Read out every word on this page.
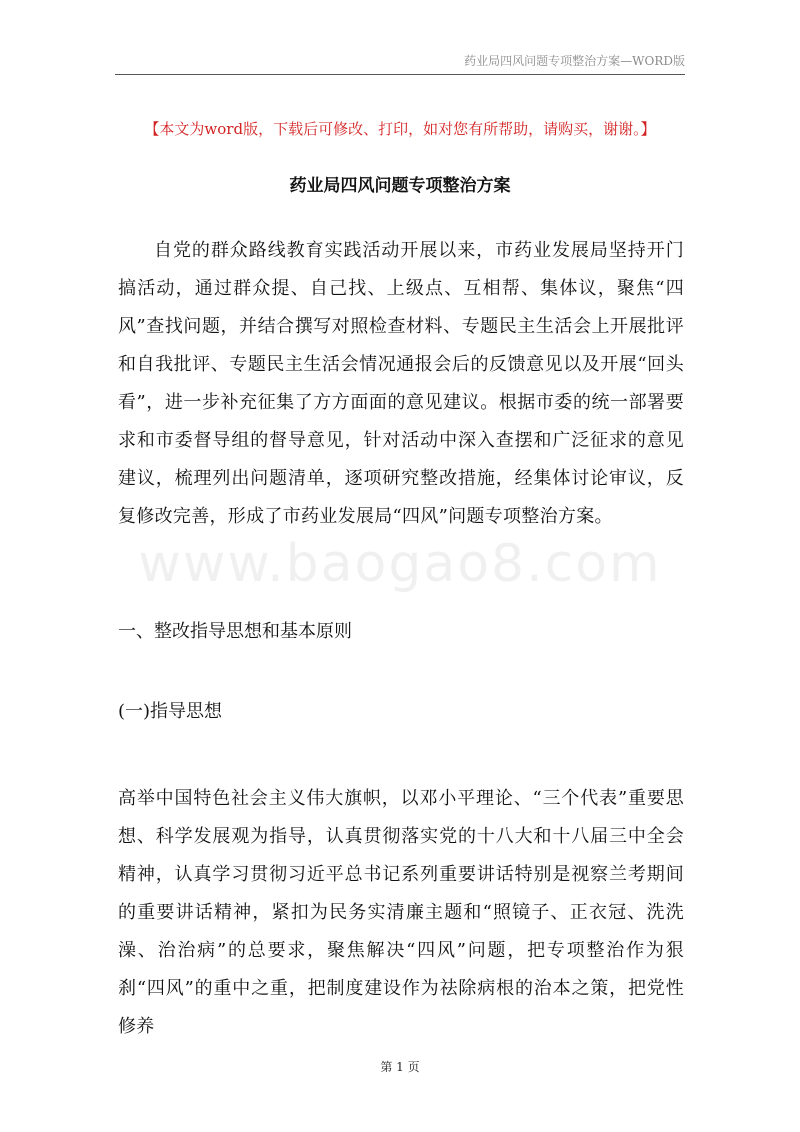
药业局四风问题专项整治方案—WORD版
【本文为word版，下载后可修改、打印，如对您有所帮助，请购买，谢谢。】
药业局四风问题专项整治方案
www.baogao8.com

自党的群众路线教育实践活动开展以来，市药业发展局坚持开门搞活动，通过群众提、自己找、上级点、互相帮、集体议，聚焦“四风”查找问题，并结合撰写对照检查材料、专题民主生活会上开展批评和自我批评、专题民主生活会情况通报会后的反馈意见以及开展“回头看”，进一步补充征集了方方面面的意见建议。根据市委的统一部署要求和市委督导组的督导意见，针对活动中深入查摆和广泛征求的意见建议，梳理列出问题清单，逐项研究整改措施，经集体讨论审议，反复修改完善，形成了市药业发展局“四风”问题专项整治方案。

一、整改指导思想和基本原则

(一)指导思想

高举中国特色社会主义伟大旗帜，以邓小平理论、“三个代表”重要思想、科学发展观为指导，认真贯彻落实党的十八大和十八届三中全会精神，认真学习贯彻习近平总书记系列重要讲话特别是视察兰考期间的重要讲话精神，紧扣为民务实清廉主题和“照镜子、正衣冠、洗洗澡、治治病”的总要求，聚焦解决“四风”问题，把专项整治作为狠刹“四风”的重中之重，把制度建设作为祛除病根的治本之策，把党性修养

第 1 页
